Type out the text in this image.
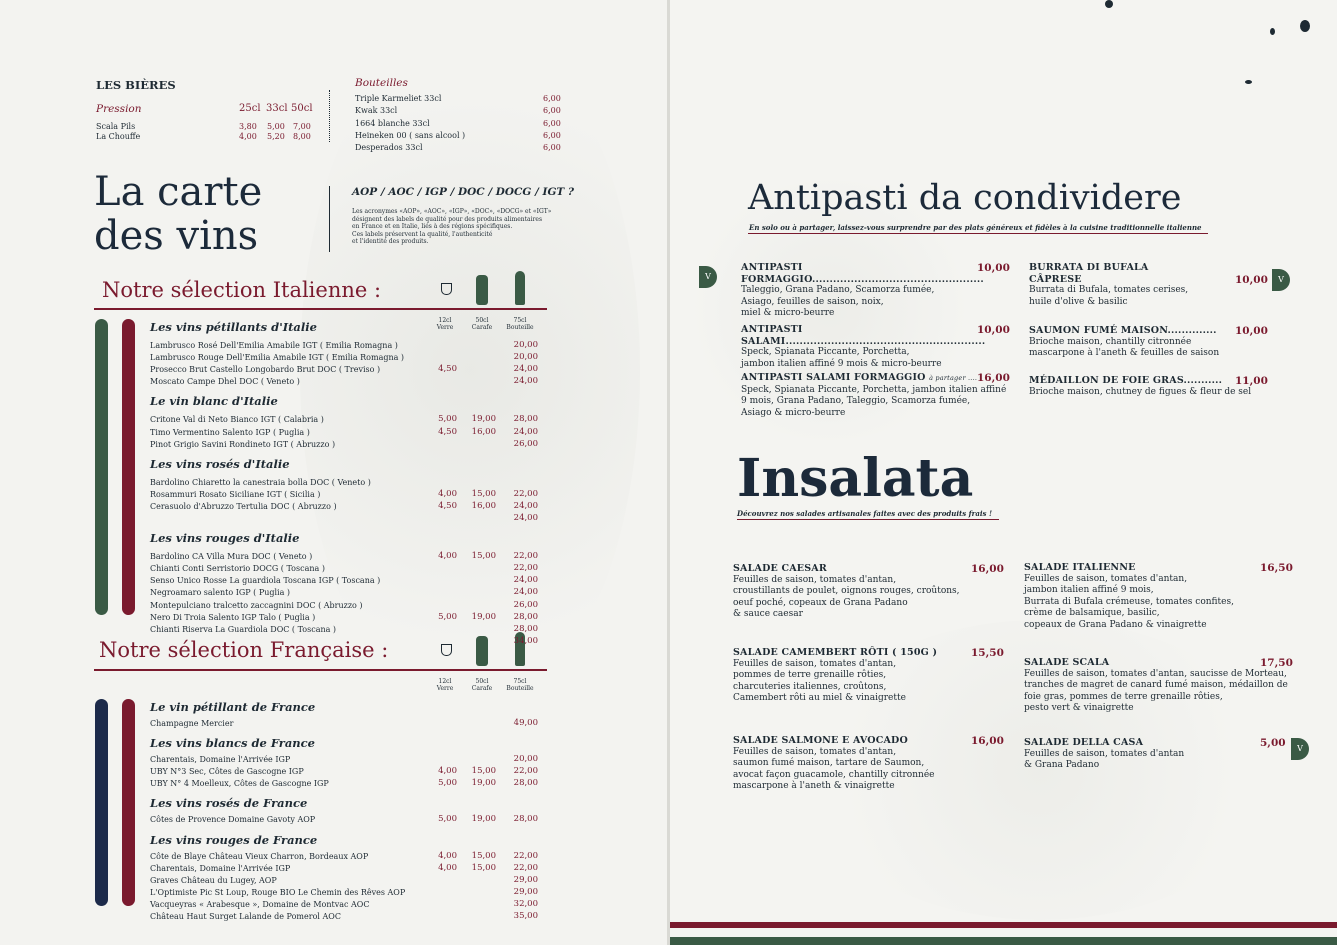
LES BIÈRES
Pression	25cl 33cl 50cl
Scala Pils	3,80 5,00 7,00
La Chouffe	4,00 5,20 8,00
Bouteilles
La carte
des vins
AOP / AOC / IGP / DOC / DOCG / IGT ?
Les acronymes «AOP», «AOC», «IGP», «DOC», «DOCG» et «IGT»
désignent des labels de qualité pour des produits alimentaires
en France et en Italie, liés à des régions spécifiques.
Ces labels préservent la qualité, l'authenticité
et l'identité des produits.
Notre sélection Italienne :
Notre sélection Française :
Antipasti da condividere
En solo ou à partager, laissez-vous surprendre par des plats généreux et fidèles à la cuisine traditionnelle italienne
Insalata
Découvrez nos salades artisanales faites avec des produits frais !
V	V
V
Triple Karmeliet 33cl	6,00
Kwak 33cl	6,00
1664 blanche 33cl	6,00
Heineken 00 ( sans alcool )	6,00
Desperados 33cl	6,00
12cl
Verre
50cl
Carafe
75cl
Bouteille
12cl
Verre
50cl
Carafe
75cl
Bouteille
Les vins pétillants d'Italie
Lambrusco Rosé Dell'Emilia Amabile IGT ( Emilia Romagna )	20,00
Lambrusco Rouge Dell'Emilia Amabile IGT ( Emilia Romagna )	20,00
Prosecco Brut Castello Longobardo Brut DOC ( Treviso )	4,50	24,00
Moscato Campe Dhel DOC ( Veneto )	24,00
Le vin blanc d'Italie
Critone Val di Neto Bianco IGT ( Calabria )	5,00	19,00	28,00
Timo Vermentino Salento IGP ( Puglia )	4,50	16,00	24,00
Pinot Grigio Savini Rondineto IGT ( Abruzzo )	26,00
Les vins rosés d'Italie
Bardolino Chiaretto la canestraia bolla DOC ( Veneto )
Rosammuri Rosato Siciliane IGT ( Sicilia )	4,00	15,00	22,00
Cerasuolo d'Abruzzo Tertulia DOC ( Abruzzo )	4,50	16,00	24,00
24,00
Les vins rouges d'Italie
Bardolino CA Villa Mura DOC ( Veneto )	4,00	15,00	22,00
Chianti Conti Serristorio DOCG ( Toscana )	22,00
Senso Unico Rosse La guardiola Toscana IGP ( Toscana )	24,00
Negroamaro salento IGP ( Puglia )	24,00
Montepulciano tralcetto zaccagnini DOC ( Abruzzo )	26,00
Nero Di Troia Salento IGP Talo ( Puglia )	5,00	19,00	28,00
Chianti Riserva La Guardiola DOC ( Toscana )	28,00
34,00
Le vin pétillant de France
Champagne Mercier	49,00
Les vins blancs de France
Charentais, Domaine l'Arrivée IGP	20,00
UBY N°3 Sec, Côtes de Gascogne IGP	4,00	15,00	22,00
UBY N° 4 Moelleux, Côtes de Gascogne IGP	5,00	19,00	28,00
Les vins rosés de France
Côtes de Provence Domaine Gavoty AOP	5,00	19,00	28,00
Les vins rouges de France
Côte de Blaye Château Vieux Charron, Bordeaux AOP	4,00	15,00	22,00
Charentais, Domaine l'Arrivée IGP	4,00	15,00	22,00
Graves Château du Lugey, AOP	29,00
L'Optimiste Pic St Loup, Rouge BIO Le Chemin des Rêves AOP	29,00
Vacqueyras « Arabesque », Domaine de Montvac AOC	32,00
Château Haut Surget Lalande de Pomerol AOC	35,00
ANTIPASTI FORMAGGIO.................................................
Taleggio, Grana Padano, Scamorza fumée,
Asiago, feuilles de saison, noix,
miel & micro-beurre
10,00
ANTIPASTI SALAMI.........................................................
Speck, Spianata Piccante, Porchetta,
jambon italien affiné 9 mois & micro-beurre
10,00
ANTIPASTI SALAMI FORMAGGIO à partager ....
Speck, Spianata Piccante, Porchetta, jambon italien affiné
9 mois, Grana Padano, Taleggio, Scamorza fumée,
Asiago & micro-beurre
16,00
BURRATA DI BUFALA
CÂPRESE
Burrata di Bufala, tomates cerises,
huile d'olive & basilic
10,00
SAUMON FUMÉ MAISON..............
Brioche maison, chantilly citronnée
mascarpone à l'aneth & feuilles de saison
10,00
MÉDAILLON DE FOIE GRAS...........
Brioche maison, chutney de figues & fleur de sel
11,00
SALADE CAESAR
Feuilles de saison, tomates d'antan,
croustillants de poulet, oignons rouges, croûtons,
oeuf poché, copeaux de Grana Padano
& sauce caesar
16,00
SALADE CAMEMBERT RÔTI ( 150G )
Feuilles de saison, tomates d'antan,
pommes de terre grenaille rôties,
charcuteries italiennes, croûtons,
Camembert rôti au miel & vinaigrette
15,50
SALADE SALMONE E AVOCADO
Feuilles de saison, tomates d'antan,
saumon fumé maison, tartare de Saumon,
avocat façon guacamole, chantilly citronnée
mascarpone à l'aneth & vinaigrette
16,00
SALADE ITALIENNE
Feuilles de saison, tomates d'antan,
jambon italien affiné 9 mois,
Burrata di Bufala crémeuse, tomates confites,
crème de balsamique, basilic,
copeaux de Grana Padano & vinaigrette
16,50
SALADE SCALA
Feuilles de saison, tomates d'antan, saucisse de Morteau,
tranches de magret de canard fumé maison, médaillon de
foie gras, pommes de terre grenaille rôties,
pesto vert & vinaigrette
17,50
SALADE DELLA CASA
Feuilles de saison, tomates d'antan
& Grana Padano
5,00
